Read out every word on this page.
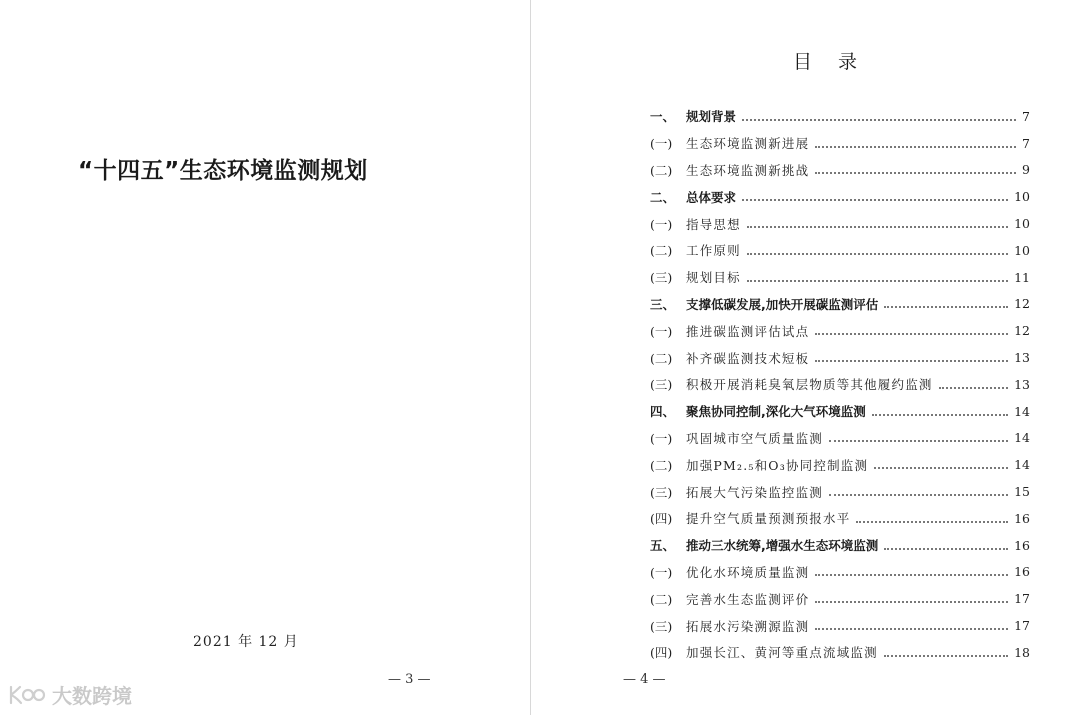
“十四五”生态环境监测规划
2021 年 12 月
— 3 —
大数跨境
目录
一、 规划背景	7
(一)	生态环境监测新进展	7
(二)	生态环境监测新挑战	9
二、 总体要求	10
(一)	指导思想	10
(二)	工作原则	10
(三)	规划目标	11
三、 支撑低碳发展,加快开展碳监测评估	12
(一)	推进碳监测评估试点	12
(二)	补齐碳监测技术短板	13
(三)	积极开展消耗臭氧层物质等其他履约监测	13
四、 聚焦协同控制,深化大气环境监测	14
(一)	巩固城市空气质量监测	14
(二)	加强PM₂.₅和O₃协同控制监测	14
(三)	拓展大气污染监控监测	15
(四)	提升空气质量预测预报水平	16
五、 推动三水统筹,增强水生态环境监测	16
(一)	优化水环境质量监测	16
(二)	完善水生态监测评价	17
(三)	拓展水污染溯源监测	17
(四)	加强长江、黄河等重点流域监测	18
— 4 —
